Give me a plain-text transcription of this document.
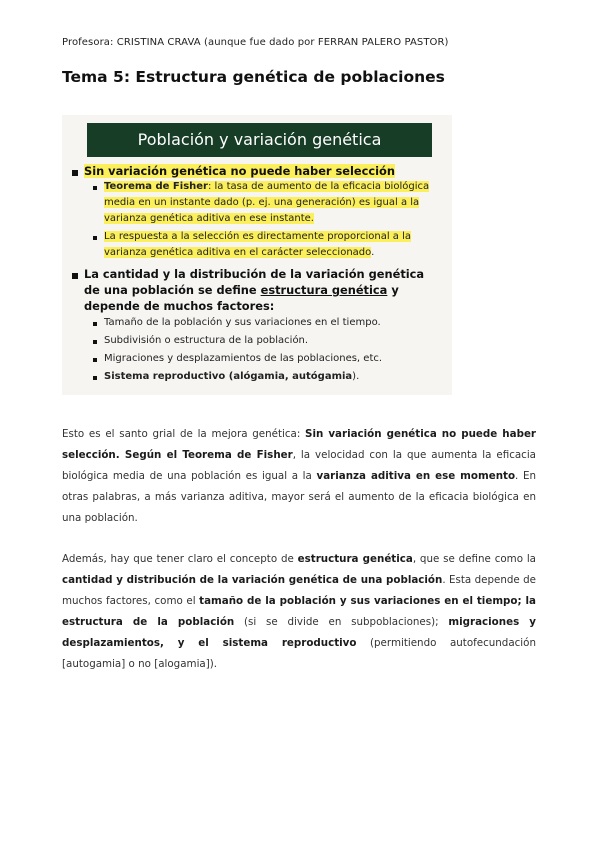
Profesora: CRISTINA CRAVA (aunque fue dado por FERRAN PALERO PASTOR)
Tema 5: Estructura genética de poblaciones
Población y variación genética
Sin variación genética no puede haber selección
Teorema de Fisher: la tasa de aumento de la eficacia biológica media en un instante dado (p. ej. una generación) es igual a la varianza genética aditiva en ese instante.
La respuesta a la selección es directamente proporcional a la varianza genética aditiva en el carácter seleccionado.
La cantidad y la distribución de la variación genética de una población se define estructura genética y depende de muchos factores:
Tamaño de la población y sus variaciones en el tiempo.
Subdivisión o estructura de la población.
Migraciones y desplazamientos de las poblaciones, etc.
Sistema reproductivo (alógamia, autógamia).
Esto es el santo grial de la mejora genética: Sin variación genética no puede haber selección. Según el Teorema de Fisher, la velocidad con la que aumenta la eficacia biológica media de una población es igual a la varianza aditiva en ese momento. En otras palabras, a más varianza aditiva, mayor será el aumento de la eficacia biológica en una población.
Además, hay que tener claro el concepto de estructura genética, que se define como la cantidad y distribución de la variación genética de una población. Esta depende de muchos factores, como el tamaño de la población y sus variaciones en el tiempo; la estructura de la población (si se divide en subpoblaciones); migraciones y desplazamientos, y el sistema reproductivo (permitiendo autofecundación [autogamia] o no [alogamia]).
